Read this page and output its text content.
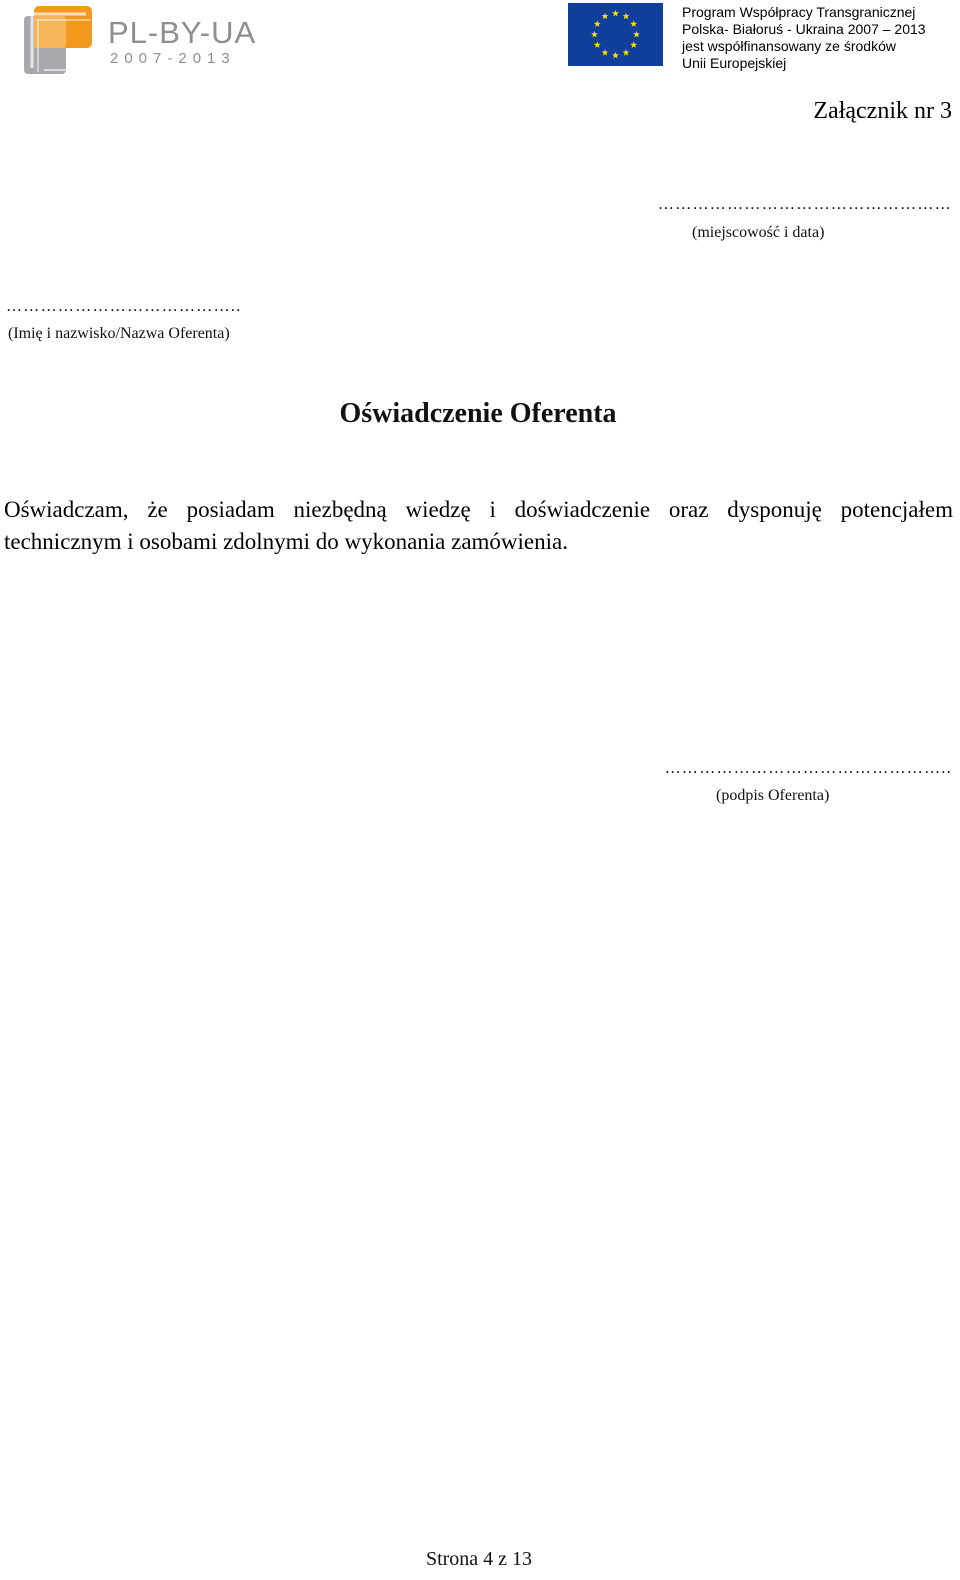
PL-BY-UA
2007-2013
Program Współpracy Transgranicznej
Polska- Białoruś - Ukraina 2007 – 2013
jest współfinansowany ze środków
Unii Europejskiej
Załącznik nr 3
……………………………………………
(miejscowość i data)
…………………………………..
(Imię i nazwisko/Nazwa Oferenta)
Oświadczenie Oferenta
Oświadczam, że posiadam niezbędną wiedzę i doświadczenie oraz dysponuję potencjałem technicznym i osobami zdolnymi do wykonania zamówienia.
…………………………………………..
(podpis Oferenta)
Strona 4 z 13
